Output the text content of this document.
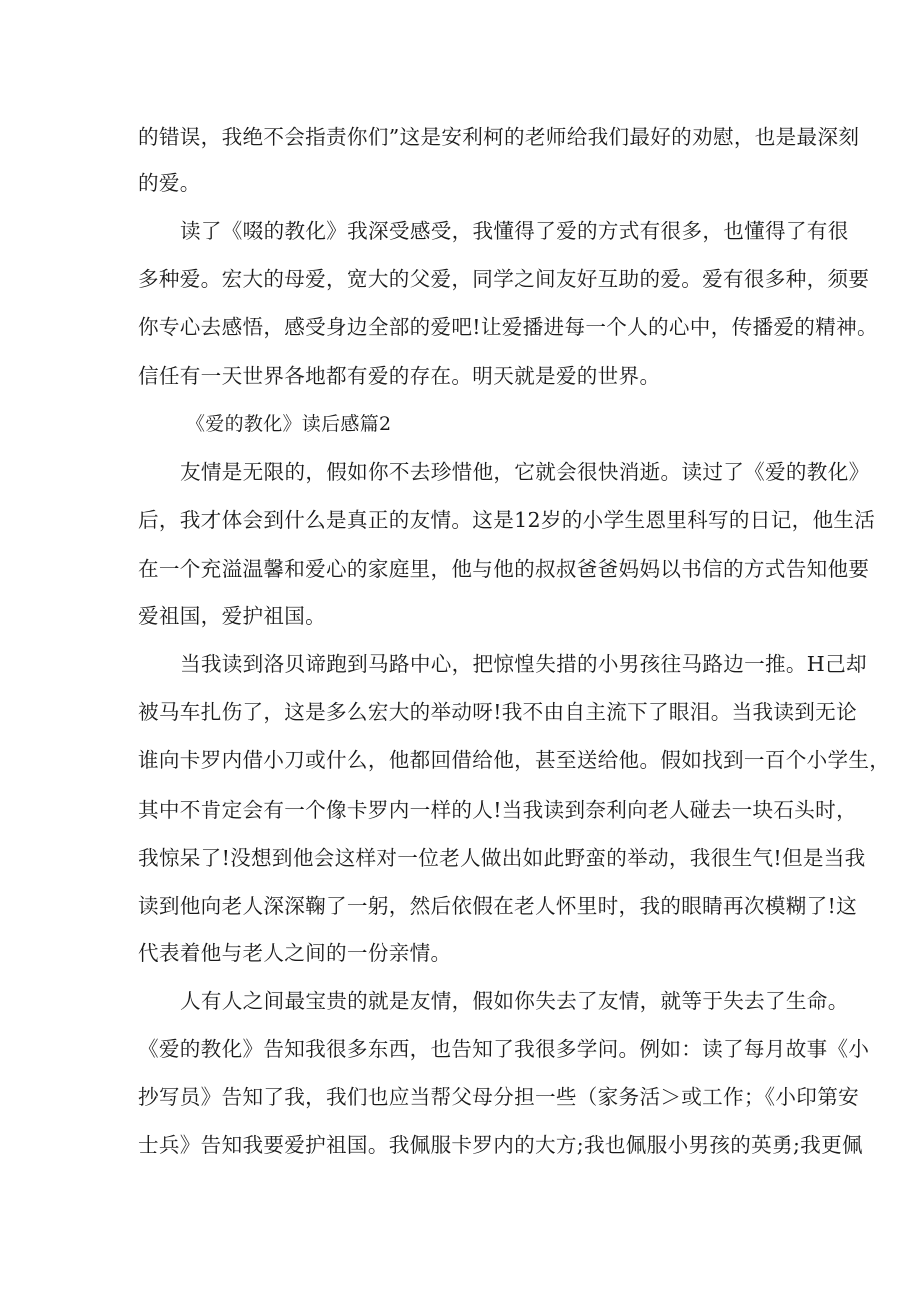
的错误，我绝不会指责你们”这是安利柯的老师给我们最好的劝慰，也是最深刻
的爱。
读了《啜的教化》我深受感受，我懂得了爱的方式有很多，也懂得了有很
多种爱。宏大的母爱，宽大的父爱，同学之间友好互助的爱。爱有很多种，须要
你专心去感悟，感受身边全部的爱吧!让爱播进每一个人的心中，传播爱的精神。
信任有一天世界各地都有爱的存在。明天就是爱的世界。
《爱的教化》读后感篇2
友情是无限的，假如你不去珍惜他，它就会很快消逝。读过了《爱的教化》
后，我才体会到什么是真正的友情。这是12岁的小学生恩里科写的日记，他生活
在一个充溢温馨和爱心的家庭里，他与他的叔叔爸爸妈妈以书信的方式告知他要
爱祖国，爱护祖国。
当我读到洛贝谛跑到马路中心，把惊惶失措的小男孩往马路边一推。H己却
被马车扎伤了，这是多么宏大的举动呀!我不由自主流下了眼泪。当我读到无论
谁向卡罗内借小刀或什么，他都回借给他，甚至送给他。假如找到一百个小学生，
其中不肯定会有一个像卡罗内一样的人!当我读到奈利向老人碰去一块石头时，
我惊呆了!没想到他会这样对一位老人做出如此野蛮的举动，我很生气!但是当我
读到他向老人深深鞠了一躬，然后依假在老人怀里时，我的眼睛再次模糊了!这
代表着他与老人之间的一份亲情。
人有人之间最宝贵的就是友情，假如你失去了友情，就等于失去了生命。
《爱的教化》告知我很多东西，也告知了我很多学问。例如：读了每月故事《小
抄写员》告知了我，我们也应当帮父母分担一些（家务活＞或工作；《小印第安
士兵》告知我要爱护祖国。我佩服卡罗内的大方;我也佩服小男孩的英勇;我更佩
